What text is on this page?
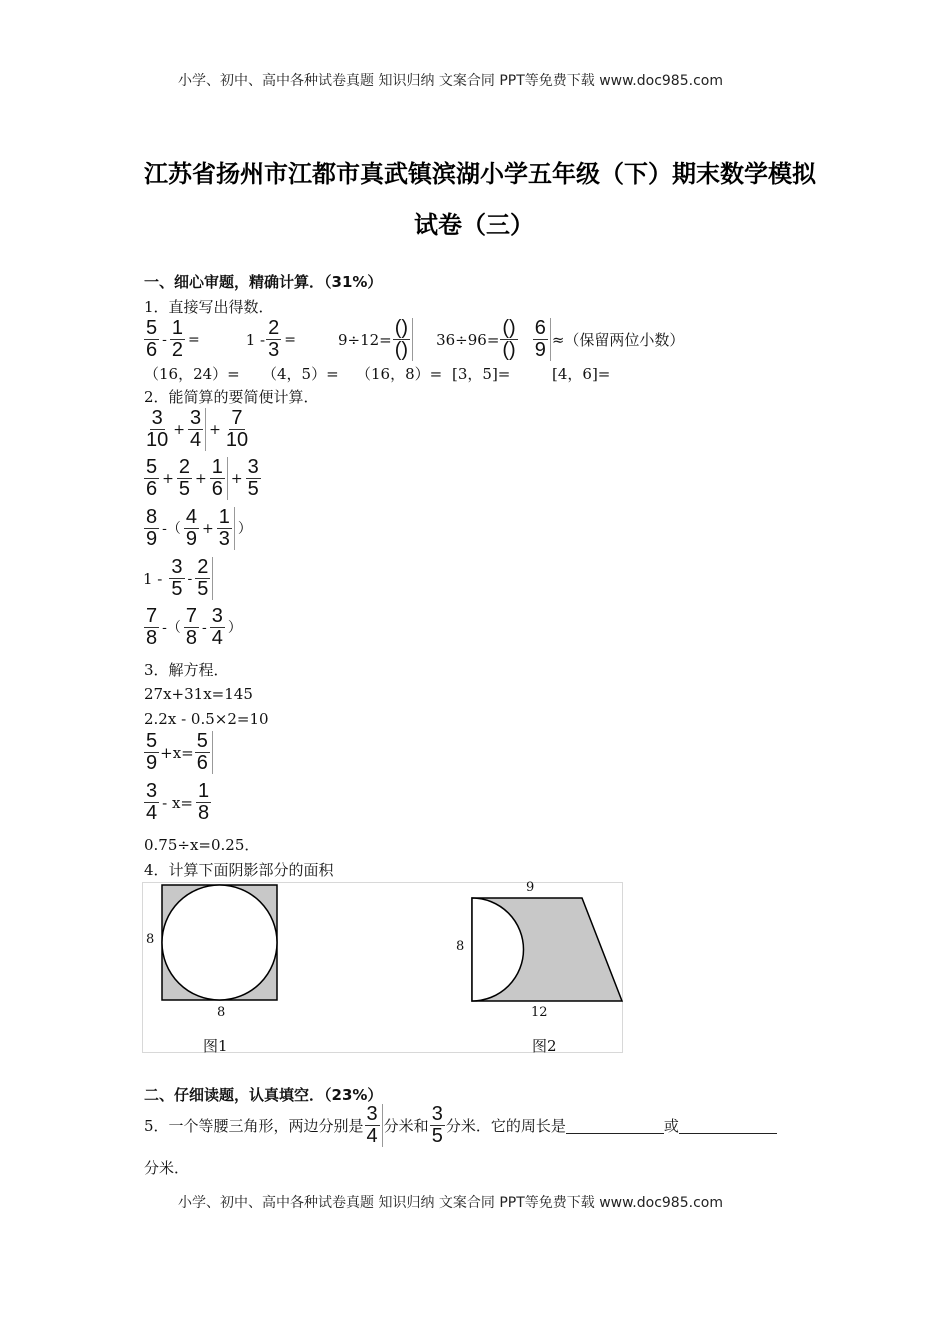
小学、初中、高中各种试卷真题 知识归纳 文案合同 PPT等免费下载 www.doc985.com
江苏省扬州市江都市真武镇滨湖小学五年级（下）期末数学模拟
试卷（三）
一、细心审题，精确计算．（31%）
1．直接写出得数．
$\frac{5}{6} - \frac{1}{2}$ =	$1 - \frac{2}{3}$ =	$9\div 12= \frac{()}{()} 36\div 96= \frac{()}{()} \frac{6}{9}$ ≈（保留两位小数）
（16，24）= （4，5）= （16，8）= [3，5]=	[4，6]=
2．能简算的要简便计算．
$\frac{3}{10} + \frac{3}{4} + \frac{7}{10}$
$\frac{5}{6} + \frac{2}{5} + \frac{1}{6} + \frac{3}{5}$
$\frac{8}{9}$ -（ $\frac{4}{9} + \frac{1}{3}$ ）
$1 - \frac{3}{5} - \frac{2}{5}$
$\frac{7}{8}$ -（ $\frac{7}{8} - \frac{3}{4}$ ）
3．解方程．
27x+31x=145
2.2x - 0.5×2=10
$\frac{5}{9} +x= \frac{5}{6}$
$\frac{3}{4} - x= \frac{1}{8}$
0.75÷x=0.25．
4．计算下面阴影部分的面积
8
8
图1
9
8
12
图2
二、仔细读题，认真填空．（23%）
5．一个等腰三角形，两边分别是 $\frac{3}{4}$ 分米和 $\frac{3}{5}$ 分米．它的周长是	或
分米．
小学、初中、高中各种试卷真题 知识归纳 文案合同 PPT等免费下载 www.doc985.com
